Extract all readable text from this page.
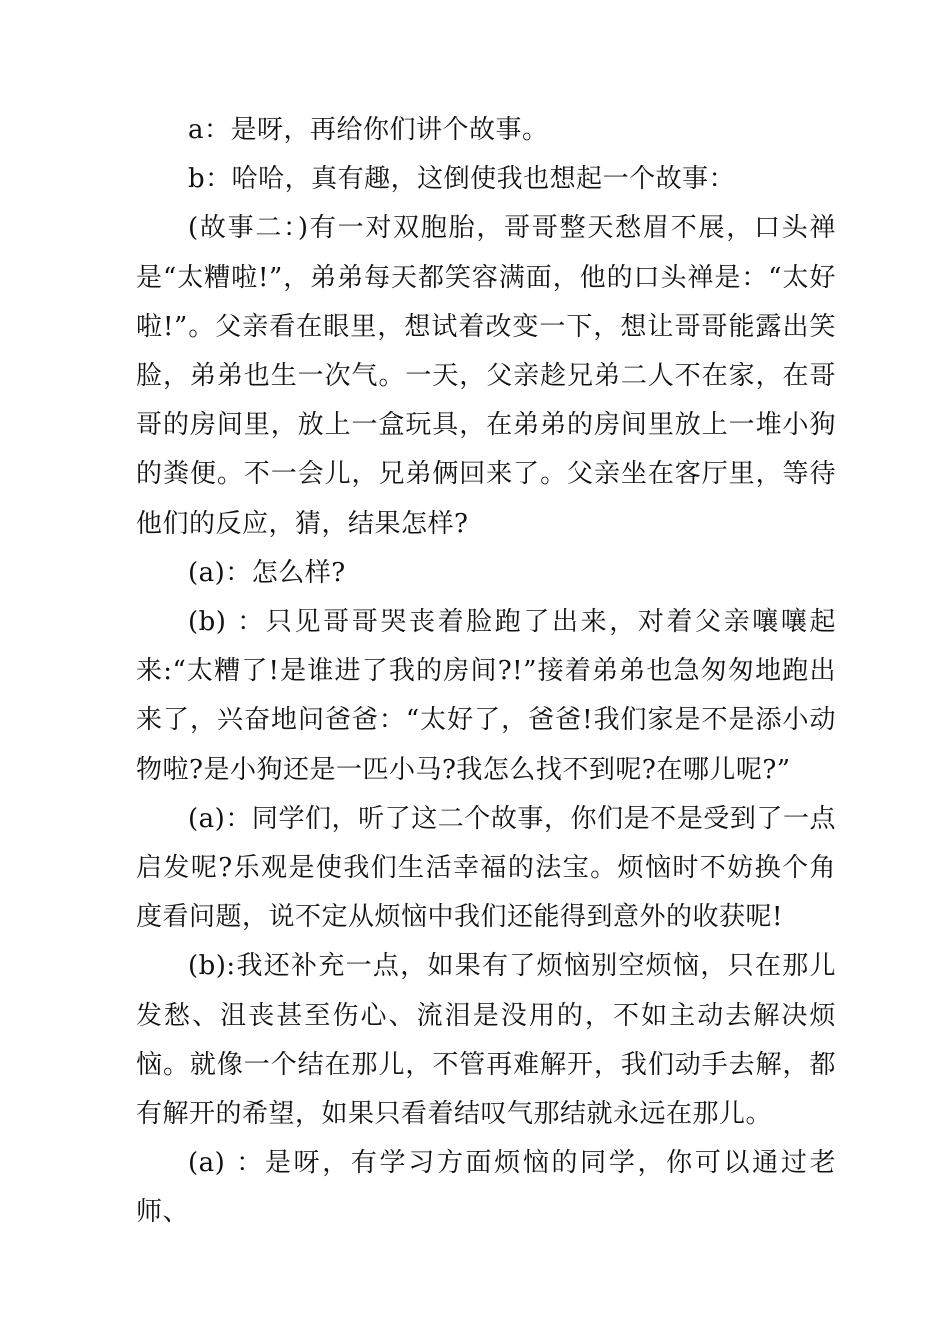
a：是呀，再给你们讲个故事。

b：哈哈，真有趣，这倒使我也想起一个故事：

(故事二：)有一对双胞胎，哥哥整天愁眉不展，口头禅是“太糟啦!”，弟弟每天都笑容满面，他的口头禅是：“太好啦!”。父亲看在眼里，想试着改变一下，想让哥哥能露出笑脸，弟弟也生一次气。一天，父亲趁兄弟二人不在家，在哥哥的房间里，放上一盒玩具，在弟弟的房间里放上一堆小狗的粪便。不一会儿，兄弟俩回来了。父亲坐在客厅里，等待他们的反应，猜，结果怎样?

(a)：怎么样?

(b) ：只见哥哥哭丧着脸跑了出来，对着父亲嚷嚷起来:“太糟了!是谁进了我的房间?!”接着弟弟也急匆匆地跑出来了，兴奋地问爸爸：“太好了，爸爸!我们家是不是添小动物啦?是小狗还是一匹小马?我怎么找不到呢?在哪儿呢?”

(a)：同学们，听了这二个故事，你们是不是受到了一点启发呢?乐观是使我们生活幸福的法宝。烦恼时不妨换个角度看问题，说不定从烦恼中我们还能得到意外的收获呢!

(b):我还补充一点，如果有了烦恼别空烦恼，只在那儿发愁、沮丧甚至伤心、流泪是没用的，不如主动去解决烦恼。就像一个结在那儿，不管再难解开，我们动手去解，都有解开的希望，如果只看着结叹气那结就永远在那儿。

(a) ：是呀，有学习方面烦恼的同学，你可以通过老师、
